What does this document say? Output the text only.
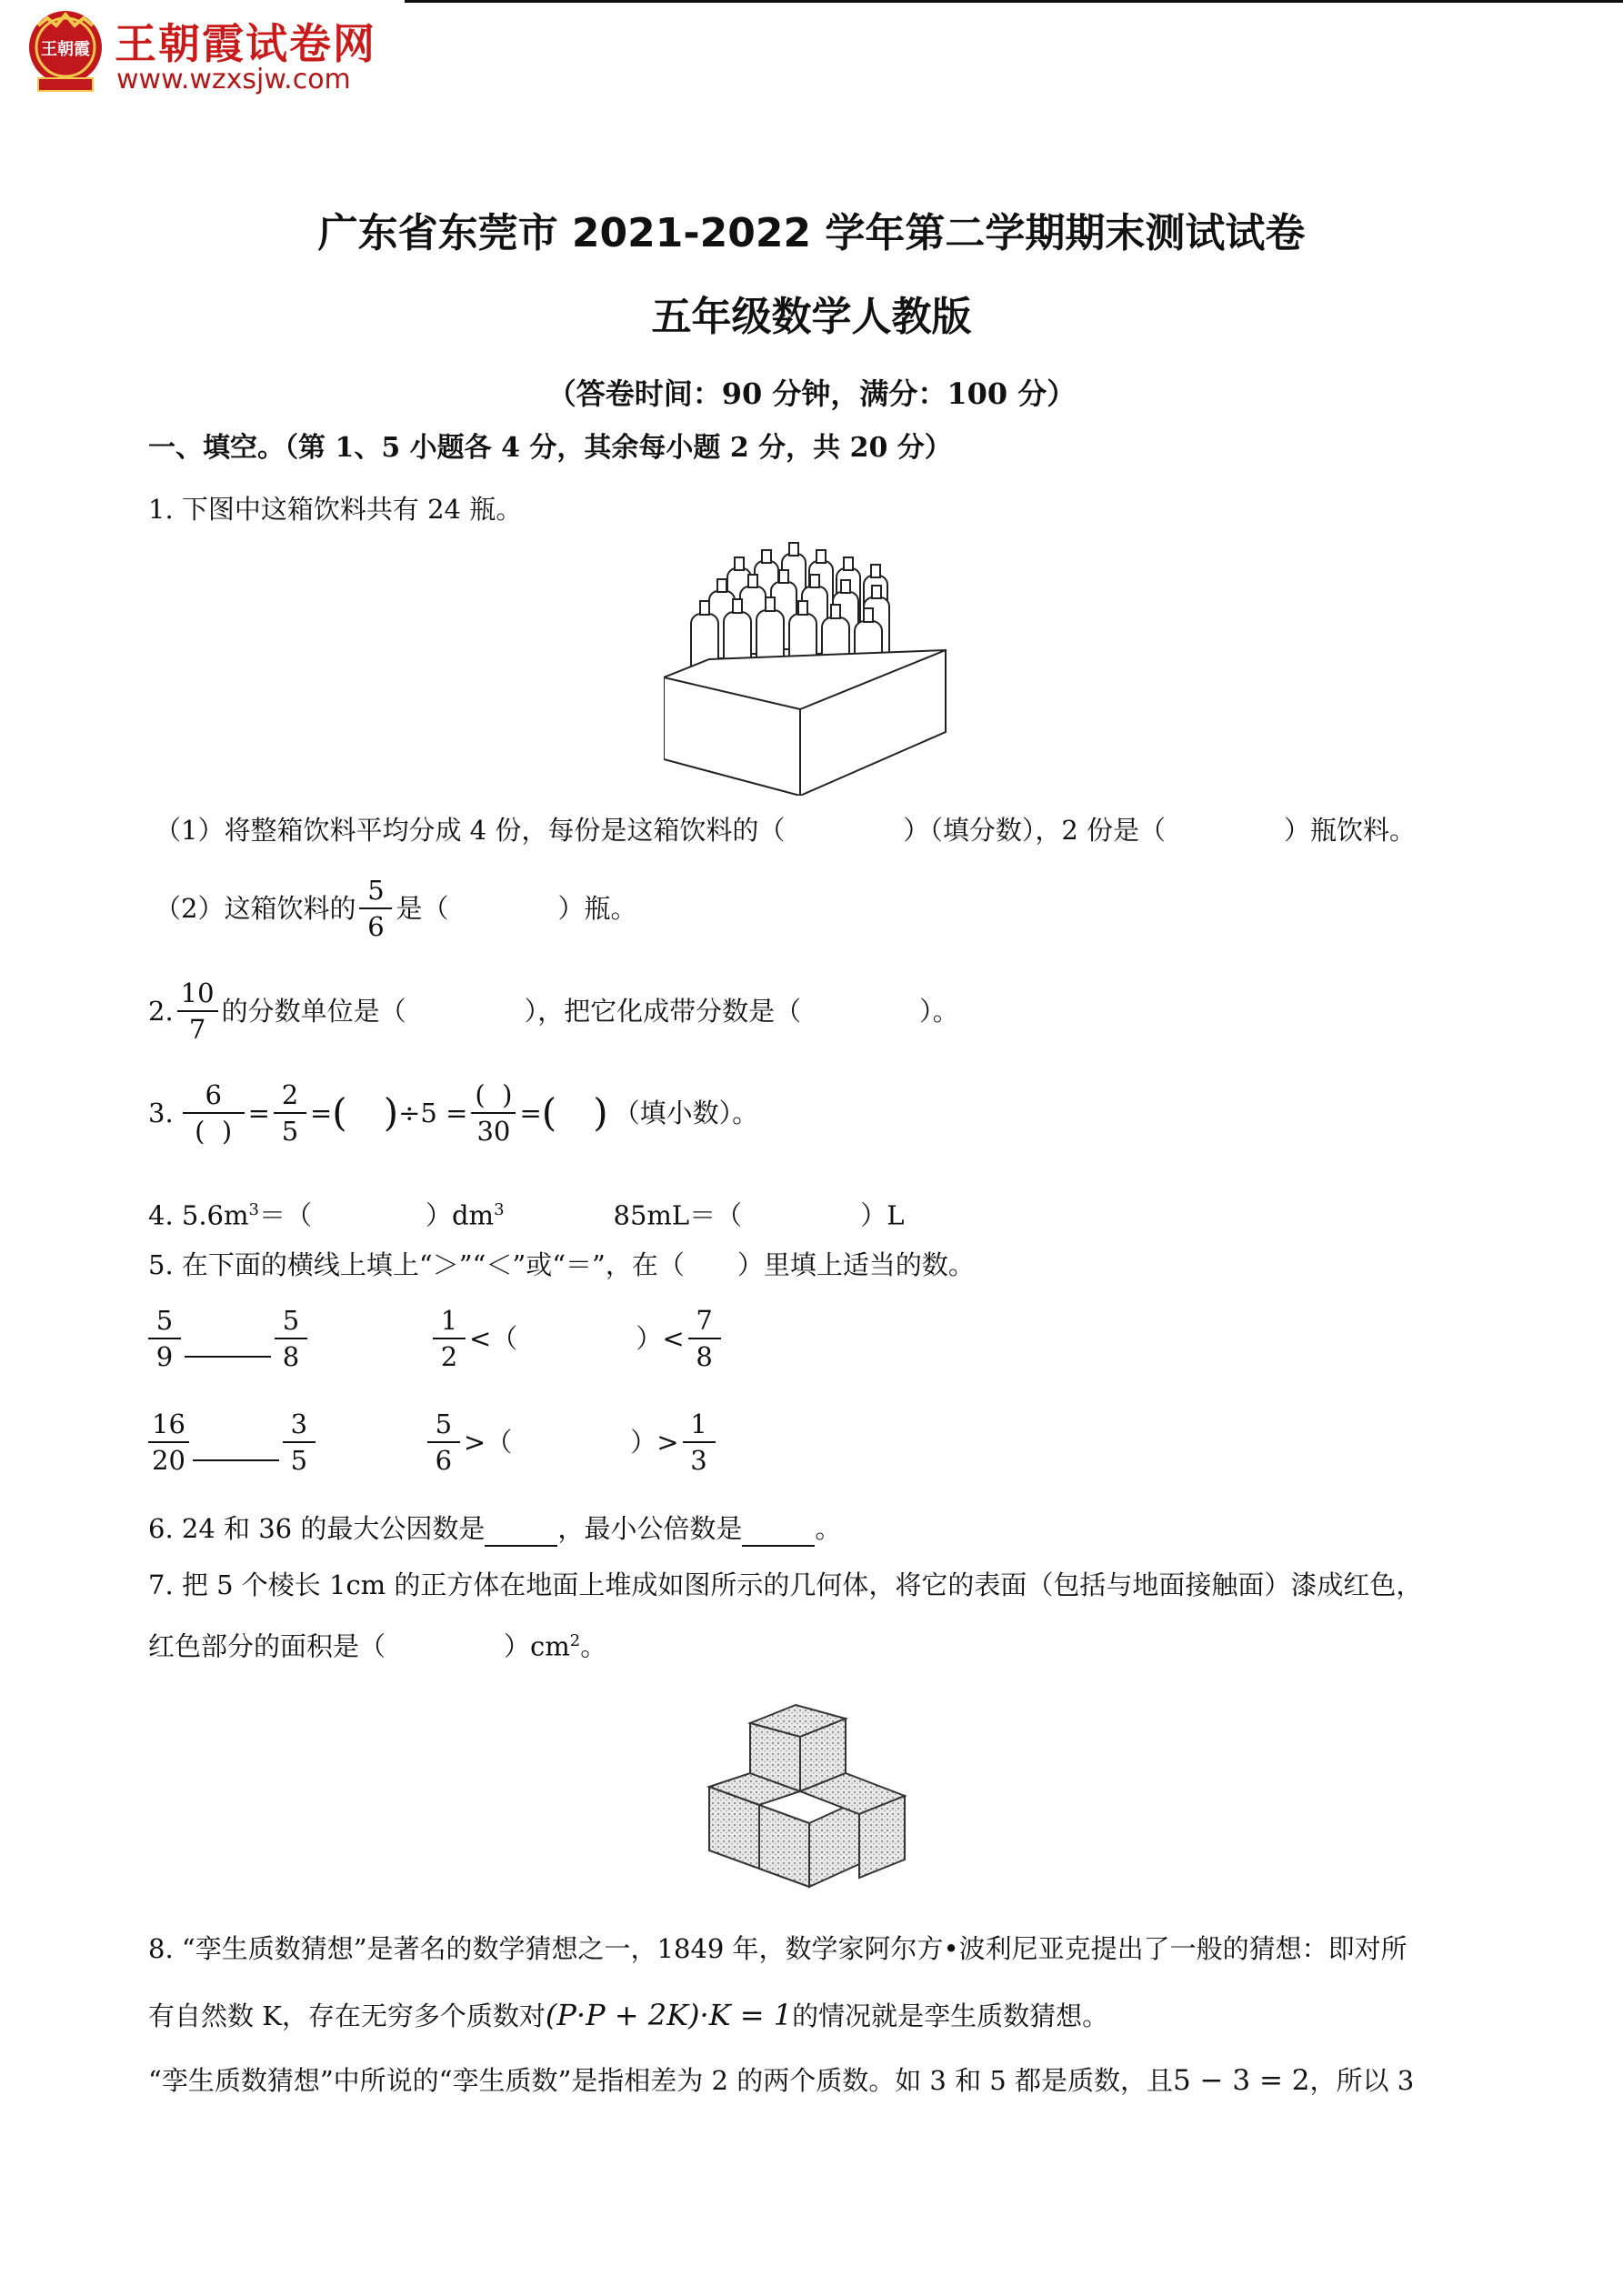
王朝霞 王朝霞试卷网
www.wzxsjw.com
广东省东莞市 2021-2022 学年第二学期期末测试试卷
五年级数学人教版
（答卷时间：90 分钟，满分：100 分）
一、填空。（第 1、5 小题各 4 分，其余每小题 2 分，共 20 分）
1. 下图中这箱饮料共有 24 瓶。
（1）将整箱饮料平均分成 4 份，每份是这箱饮料的（	）（填分数），2 份是（	）瓶饮料。
（2）这箱饮料的 $\frac{5}{6}$ 是（	）瓶。
2. $\frac{10}{7}$ 的分数单位是（	），把它化成带分数是（	）。
3. $\frac{6}{( )} = \frac{2}{5}$ = (   ) $\div 5 = \frac{( )}{30}$ = (   ) （填小数）。
4. $5.6m^3=$（	）$dm^3$	85mL＝（	）L
5. 在下面的横线上填上“＞”“＜”或“＝”，在（　　）里填上适当的数。
$\frac{5}{9}$	$\frac{5}{8}$	$\frac{1}{2}$ <（	）< $\frac{7}{8}$
$\frac{16}{20}$	$\frac{3}{5}$	$\frac{5}{6}$ >（	）> $\frac{1}{3}$
6. 24 和 36 的最大公因数是	，最小公倍数是	。
7. 把 5 个棱长 1cm 的正方体在地面上堆成如图所示的几何体，将它的表面（包括与地面接触面）漆成红色，
红色部分的面积是（	）$cm^2$。
8. “孪生质数猜想”是著名的数学猜想之一，1849 年，数学家阿尔方•波利尼亚克提出了一般的猜想：即对所
有自然数 K，存在无穷多个质数对(P·P + 2K)·K = 1的情况就是孪生质数猜想。
“孪生质数猜想”中所说的“孪生质数”是指相差为 2 的两个质数。如 3 和 5 都是质数，且5 − 3 = 2，所以 3
